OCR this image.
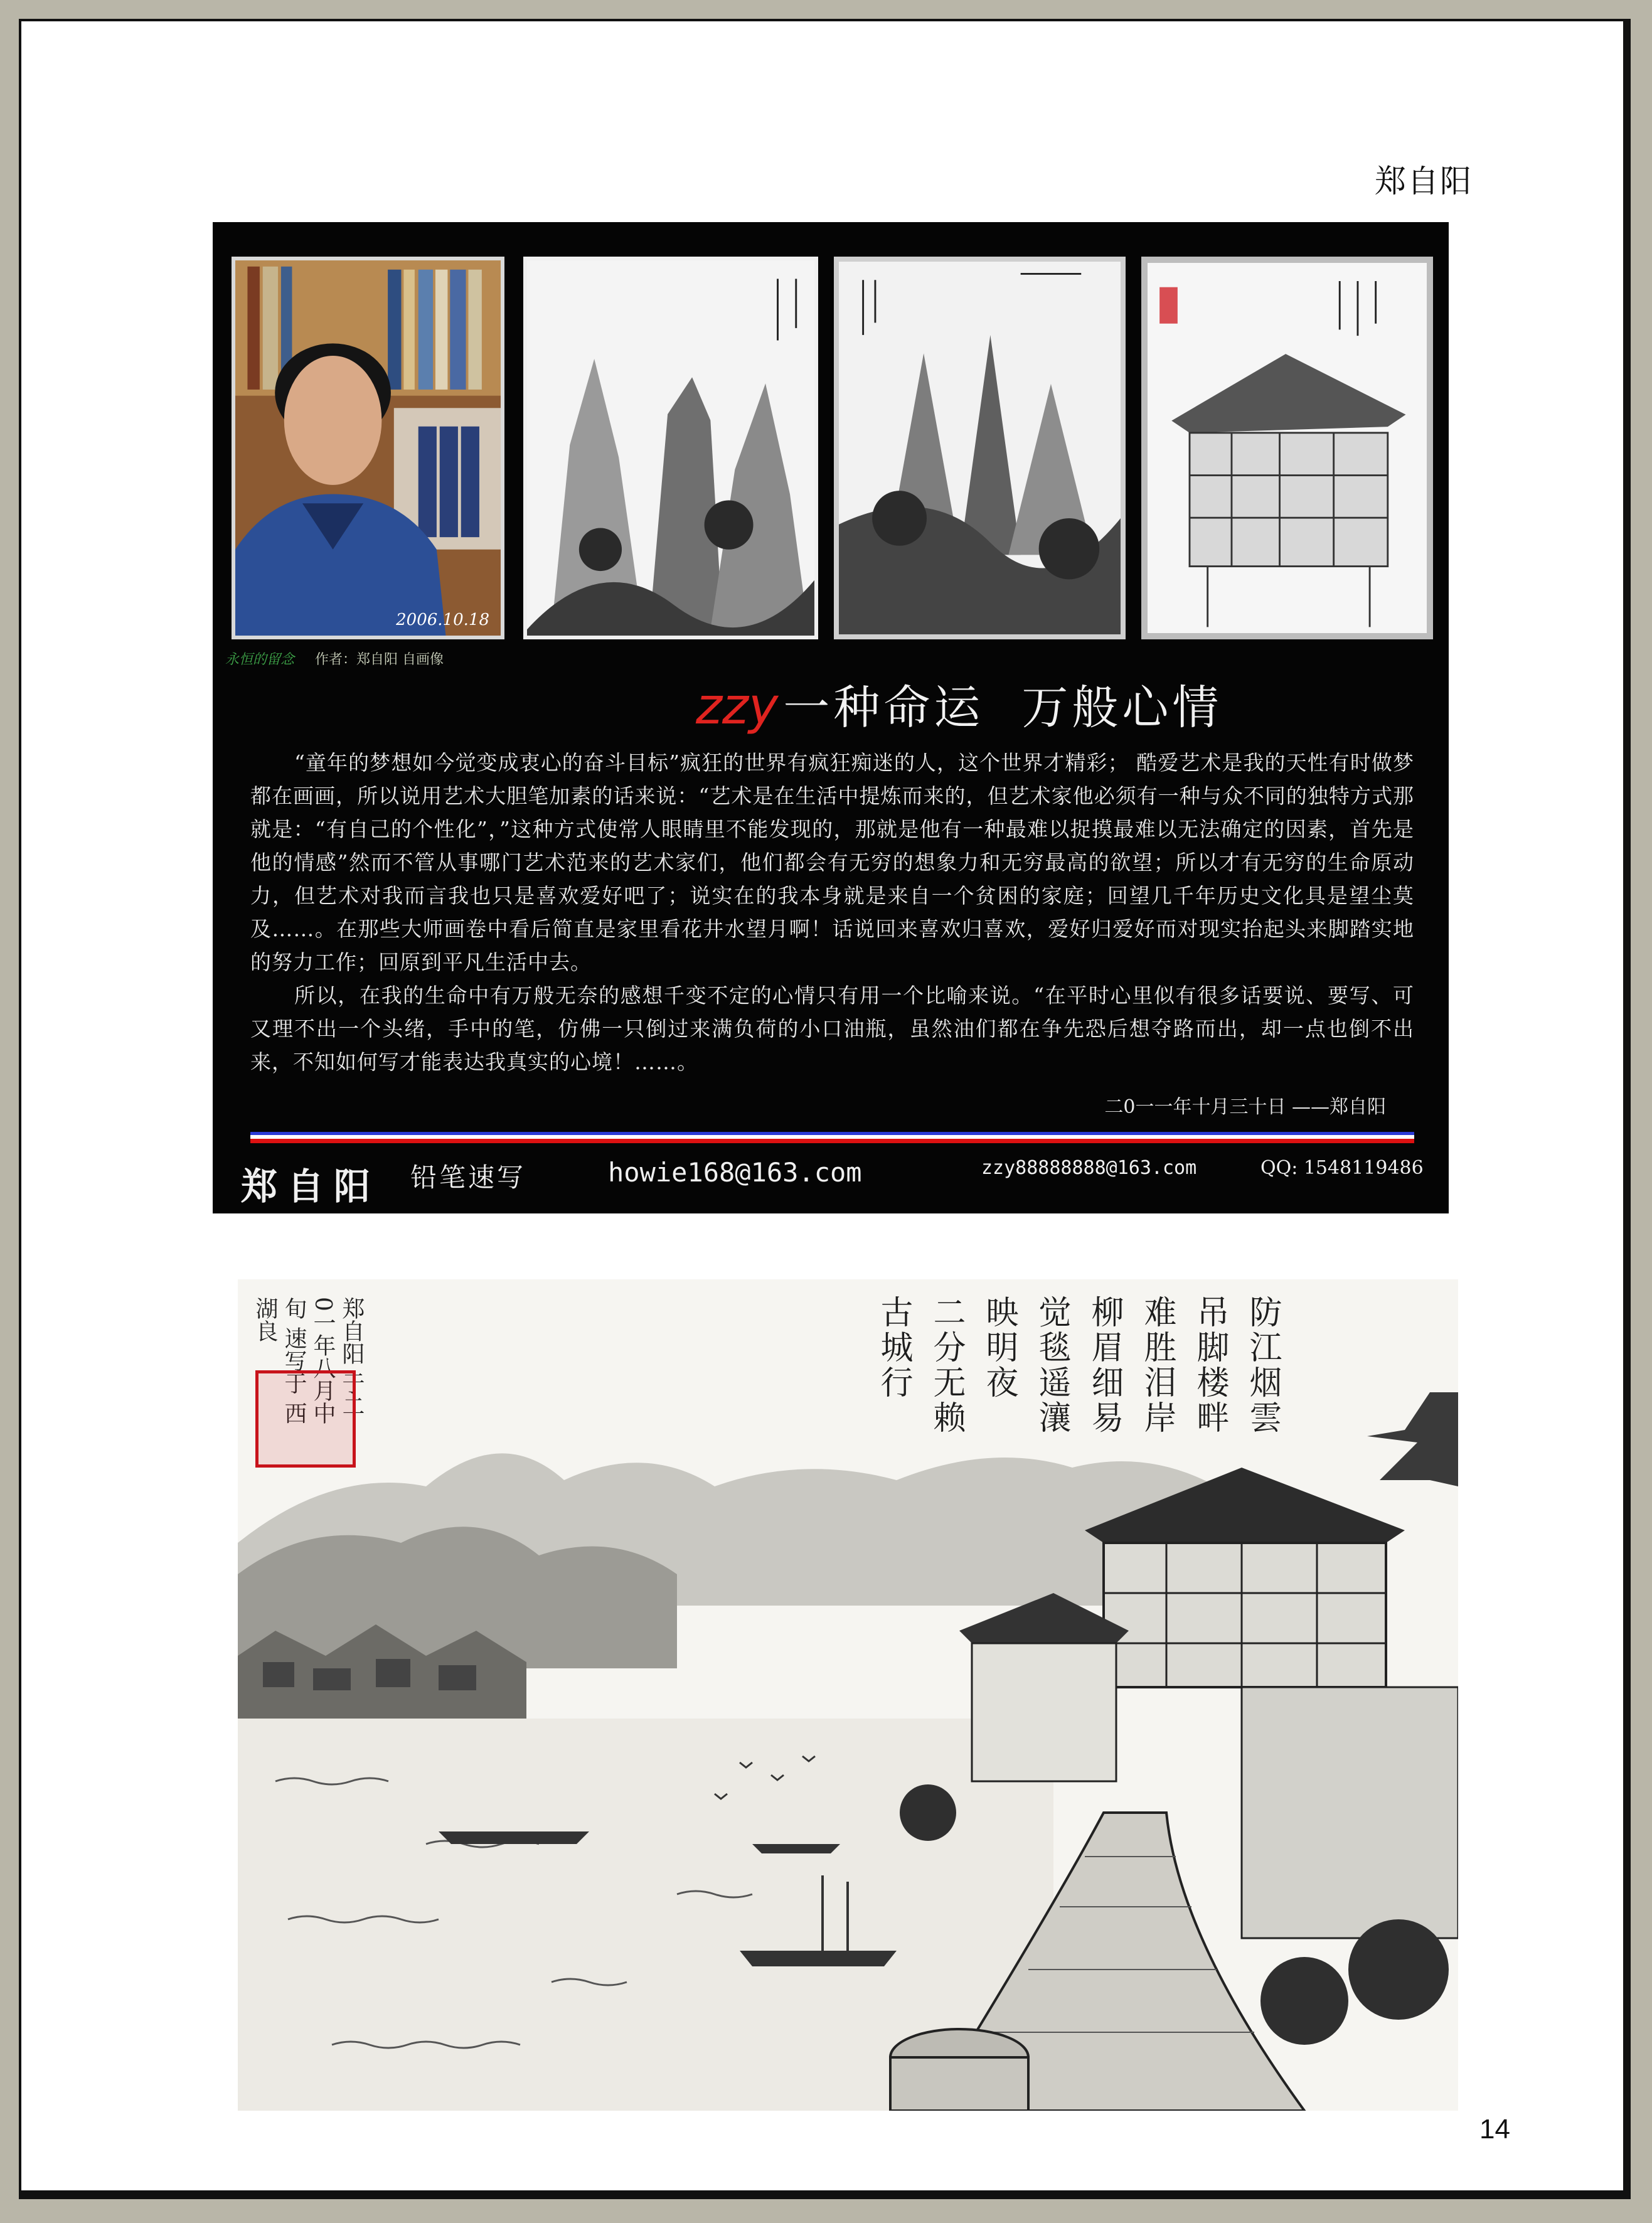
郑自阳
2006.10.18
永恒的留念 作者：郑自阳 自画像
zzy 一种命运 万般心情
“童年的梦想如今觉变成衷心的奋斗目标”疯狂的世界有疯狂痴迷的人，这个世界才精彩； 酷爱艺术是我的天性有时做梦都在画画，所以说用艺术大胆笔加素的话来说：“艺术是在生活中提炼而来的，但艺术家他必须有一种与众不同的独特方式那就是：“有自己的个性化”，”这种方式使常人眼睛里不能发现的，那就是他有一种最难以捉摸最难以无法确定的因素，首先是他的情感”然而不管从事哪门艺术范来的艺术家们，他们都会有无穷的想象力和无穷最高的欲望；所以才有无穷的生命原动力，但艺术对我而言我也只是喜欢爱好吧了；说实在的我本身就是来自一个贫困的家庭；回望几千年历史文化具是望尘莫及……。在那些大师画卷中看后简直是家里看花井水望月啊！话说回来喜欢归喜欢，爱好归爱好而对现实抬起头来脚踏实地的努力工作；回原到平凡生活中去。
所以，在我的生命中有万般无奈的感想千变不定的心情只有用一个比喻来说。“在平时心里似有很多话要说、要写、可又理不出一个头绪，手中的笔，仿佛一只倒过来满负荷的小口油瓶，虽然油们都在争先恐后想夺路而出，却一点也倒不出来，不知如何写才能表达我真实的心境！……。
二0一一年十月三十日 ——郑自阳
郑自阳 铅笔速写	howie168@163.com	zzy88888888@163.com	QQ: 1548119486
防江烟雲 吊脚楼畔 难胜泪岸 柳眉细易 觉毯遥瀼 映明夜 二分无赖古城行
郑自阳 于二0一年八月中旬 速写于 西湖良
14
